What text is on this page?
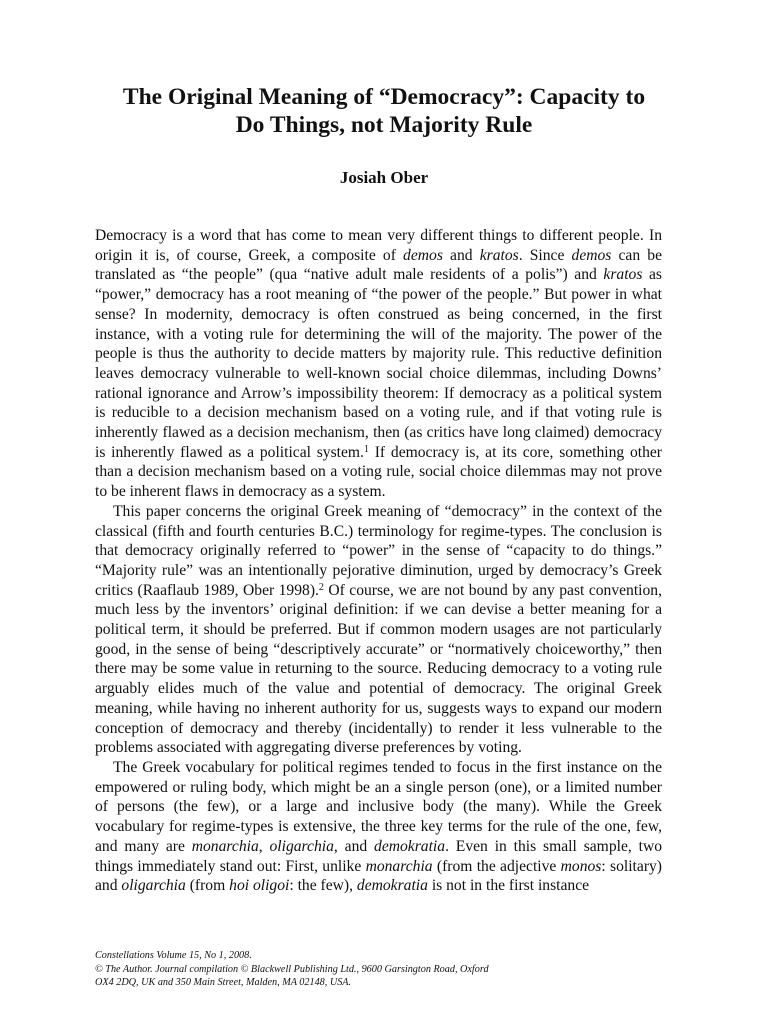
The Original Meaning of “Democracy”: Capacity to
Do Things, not Majority Rule
Josiah Ober

Democracy is a word that has come to mean very different things to different people. In origin it is, of course, Greek, a composite of demos and kratos. Since demos can be translated as “the people” (qua “native adult male residents of a polis”) and kratos as “power,” democracy has a root meaning of “the power of the people.” But power in what sense? In modernity, democracy is often construed as being concerned, in the first instance, with a voting rule for determining the will of the majority. The power of the people is thus the authority to decide matters by majority rule. This reductive definition leaves democracy vulnerable to well-known social choice dilemmas, including Downs’ rational ignorance and Arrow’s impossibility theorem: If democracy as a political system is reducible to a decision mechanism based on a voting rule, and if that voting rule is inherently flawed as a decision mechanism, then (as critics have long claimed) democracy is inherently flawed as a political system.$^1$ If democracy is, at its core, something other than a decision mechanism based on a voting rule, social choice dilemmas may not prove to be inherent flaws in democracy as a system.

This paper concerns the original Greek meaning of “democracy” in the context of the classical (fifth and fourth centuries B.C.) terminology for regime-types. The conclusion is that democracy originally referred to “power” in the sense of “capacity to do things.” “Majority rule” was an intentionally pejorative diminution, urged by democracy’s Greek critics (Raaflaub 1989, Ober 1998).$^2$ Of course, we are not bound by any past convention, much less by the inventors’ original definition: if we can devise a better meaning for a political term, it should be preferred. But if common modern usages are not particularly good, in the sense of being “descriptively accurate” or “normatively choiceworthy,” then there may be some value in returning to the source. Reducing democracy to a voting rule arguably elides much of the value and potential of democracy. The original Greek meaning, while having no inherent authority for us, suggests ways to expand our modern conception of democracy and thereby (incidentally) to render it less vulnerable to the problems associated with aggregating diverse preferences by voting.

The Greek vocabulary for political regimes tended to focus in the first instance on the empowered or ruling body, which might be an a single person (one), or a limited number of persons (the few), or a large and inclusive body (the many). While the Greek vocabulary for regime-types is extensive, the three key terms for the rule of the one, few, and many are monarchia, oligarchia, and demokratia. Even in this small sample, two things immediately stand out: First, unlike monarchia (from the adjective monos: solitary) and oligarchia (from hoi oligoi: the few), demokratia is not in the first instance

Constellations Volume 15, No 1, 2008.
© The Author. Journal compilation © Blackwell Publishing Ltd., 9600 Garsington Road, Oxford
OX4 2DQ, UK and 350 Main Street, Malden, MA 02148, USA.
